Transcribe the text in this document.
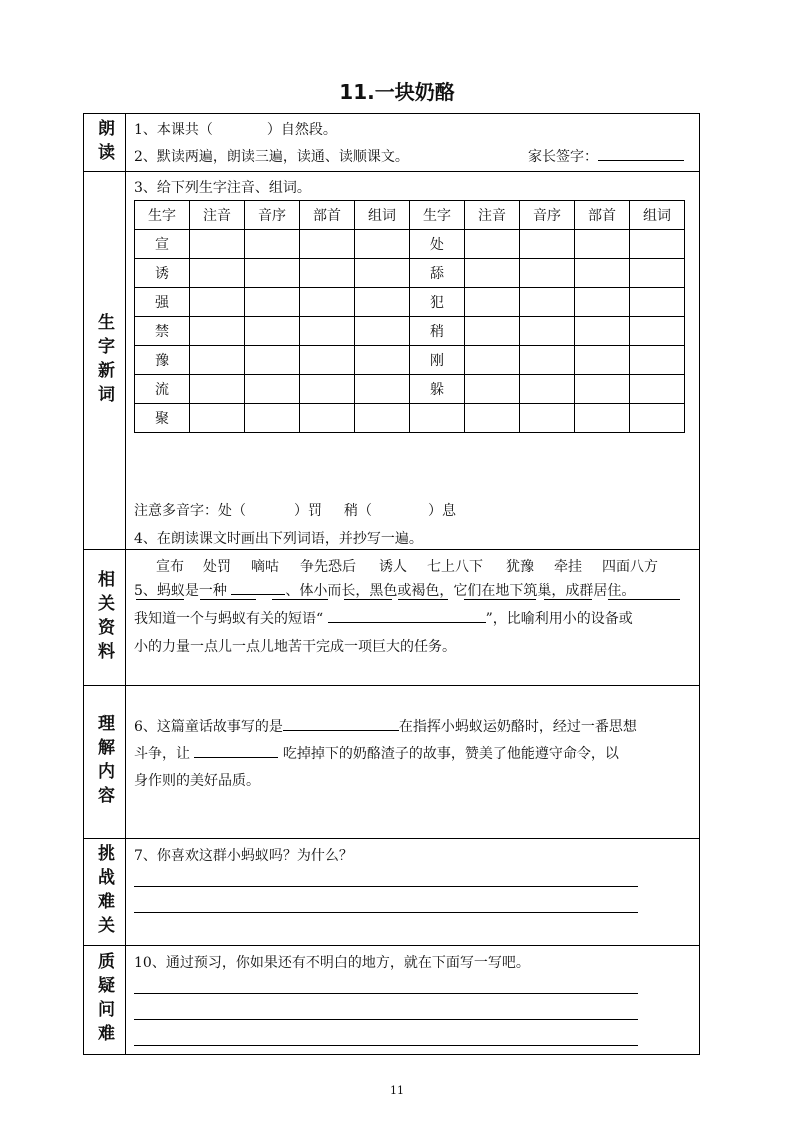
11.一块奶酪
朗读 1、本课共（	）自然段。
2、默读两遍，朗读三遍，读通、读顺课文。	家长签字：
生字新词
3、给下列生字注音、组词。
生字	注音	音序	部首	组词	生字	注音	音序	部首	组词
宣					处				
诱					舔				
强					犯				
禁					稍				
豫					刚				
流					躲				
聚									
注意多音字：处（	）罚 稍（	）息
4、在朗读课文时画出下列词语，并抄写一遍。
宣布 处罚 嘀咕 争先恐后 诱人 七上八下 犹豫 牵挂 四面八方
相关资料 5、蚂蚁是一种	、体小而长，黑色或褐色，它们在地下筑巢，成群居住。
我知道一个与蚂蚁有关的短语“	”，比喻利用小的设备或
小的力量一点儿一点儿地苦干完成一项巨大的任务。
理解内容 6、这篇童话故事写的是	在指挥小蚂蚁运奶酪时，经过一番思想
斗争，让	吃掉掉下的奶酪渣子的故事，赞美了他能遵守命令，以
身作则的美好品质。
挑战难关 7、你喜欢这群小蚂蚁吗？为什么？
质疑问难 10、通过预习，你如果还有不明白的地方，就在下面写一写吧。
11
